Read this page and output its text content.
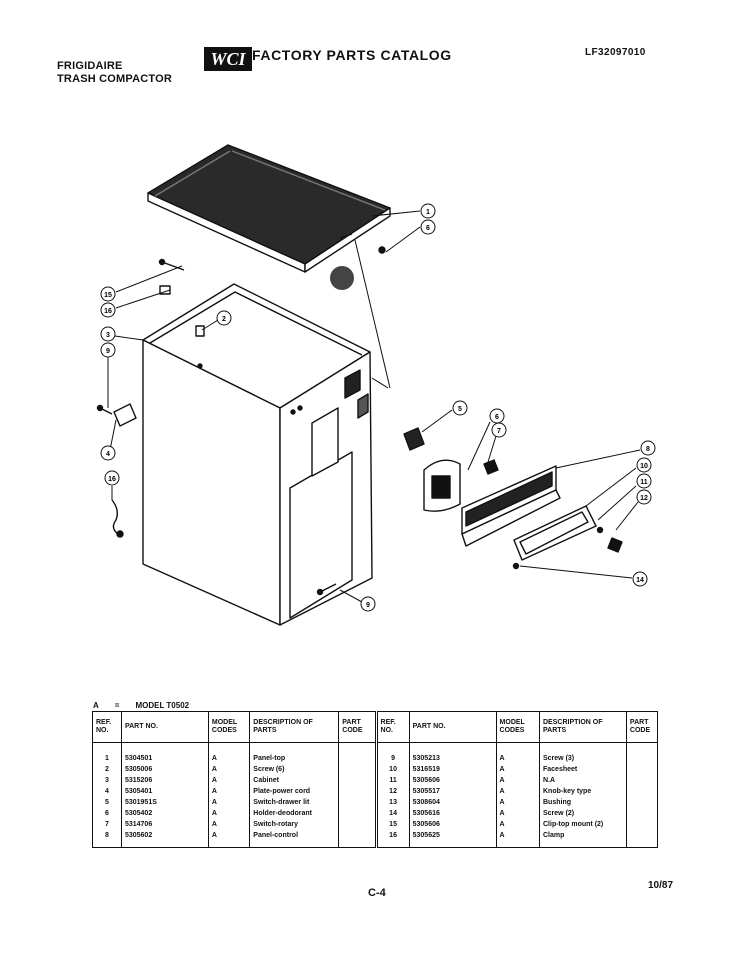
FRIGIDAIRE
TRASH COMPACTOR
WCI FACTORY PARTS CATALOG	LF32097010
1
6
15
16
2
3
9
4
16
9
5
6
7
8
10
11
12
14
A = MODEL T0502
REF. NO.	PART NO.	MODEL CODES	DESCRIPTION OF PARTS	PART CODE	REF. NO.	PART NO.	MODEL CODES	DESCRIPTION OF PARTS	PART CODE

1	5304501	A	Panel-top		9	5305213	A	Screw (3)	
2	5305006	A	Screw (6)		10	5316519	A	Facesheet	
3	5315206	A	Cabinet		11	5305606	A	N.A	
4	5305401	A	Plate-power cord		12	5305517	A	Knob-key type	
5	5301951S	A	Switch-drawer lit		13	5308604	A	Bushing	
6	5305402	A	Holder-deodorant		14	5305616	A	Screw (2)	
7	5314706	A	Switch-rotary		15	5305606	A	Clip-top mount (2)	
8	5305602	A	Panel-control		16	5305625	A	Clamp	

C-4
10/87
